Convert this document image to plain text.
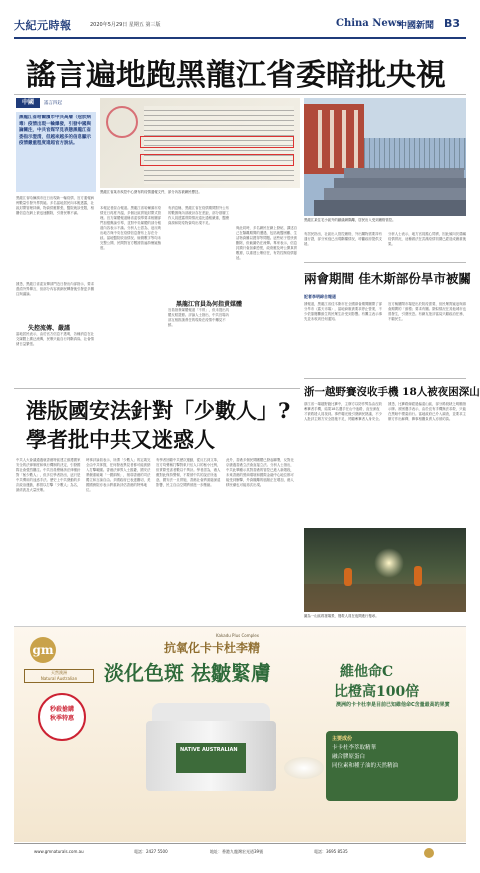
大紀元時報	2020年5月29日 星期五 第三版	China News
中國新聞 B3
謠言遍地跑黑龍江省委暗批央視
中國	謠言四起
黑龍江省哈爾濱市中共高層（冠狀病毒）疫情出現一輪爆發，引發中國與論關注，中共官媒罕見表態黑龍江省委指示澄清，但越來越多的信息顯示疫情嚴重程度遠超官方說法。
黑龍江省哈爾濱市近日出現新一輪疫情，官方通報病例數量引發外界質疑。多名當地居民向本報透露，社區封閉管理持續，物資供應緊張，醫院就診受限，相關信息在網上被迅速刪除，引發民眾不滿。
黑龍江省某市疾控中心發布的疫情通報文件，部分內容被網民標註。
黑龍江某住宅小區外的鐵絲網隔離，居民出入受到嚴格管控。
失控流傳、嚴謹
據悉，黑龍江省委宣傳部門近日發出內部指示，要求澄清外界傳言，但部分內容被網民轉發後引發更多關注與議論。
當地居民表示，由於官方信息不透明，各種消息在社交媒體上廣泛流傳，民眾只能自行判斷真偽，社會情緒日益緊張。
本報記者綜合報道。黑龍江省哈爾濱市疫情近日再度升溫，多個社區實施封閉式管理。官方媒體報道稱省委領導要求相關部門加強輿論引導，並對中央媒體的部分報道內容表示不滿。分析人士認為，這反映出地方與中央在疫情信息發布上存在分歧。當地醫院收治情況、檢測數字等均未完整公開，民間對官方數據普遍持懷疑態度。
黑龍江官員為何指責媒體
有消息稱，黑龍江省在疫情期間對外公布的數據與內部統計存在差距，部分基層工作人員透露實際情況遠比通報嚴重，醫療資源和防疫物資均出現不足。
官員指責媒體報道「不實」，但未提出具體反駁證據。評論人士指出，中共官場內部互相推諉責任的現象在疫情中屢見不鮮。
與此同時，多名網民在網上發帖，講述自己在隔離期間的遭遇，包括就醫困難、生活物資難以獲得等問題。這些帖子很快被刪除，但截圖仍在流傳。專家表示，信息封鎖只會加劇恐慌，政府應及時公開真實數據，以重建公眾信任，有效控制疫情蔓延。
有居民指出，社區出入管控嚴格，外出購物需要持有通行證，部分家庭已出現斷糧情況，呼籲政府提供支援。
分析人士表示，地方官員擔心問責，因此傾向於隱瞞疫情實況，這種做法在武漢疫情初期已經造成嚴重後果。
兩會期間 佳木斯部份旱市被關
記者李明綜合報道
據報道，黑龍江省佳木斯市在全國兩會期間關閉了部分旱市（露天市場），當地商販被要求停止營業，不少依靠擺攤維生的民眾生計受到影響。有攤主表示事先並未收到任何通知。
官方稱關閉市場是出於防疫需要，但民眾質疑這與兩會期間的「維穩」要求有關。類似情況在其他城市也曾發生，引發民怨。有網友批評當局只顧政治任務，不顧民生。
港版國安法針對「少數人」?
學者批中共又迷惑人
中共人大會議通過就香港特區建立維護國家安全的法律制度和執行機制的決定，引發國際社會強烈關注。中共官員聲稱該法律僅針對「極少數人」，但多位學者指出，這只是中共慣用的迷惑手法。歷史上中共發動的多次政治運動，都曾以打擊「少數人」為名，最終波及大量民眾。
時事評論員表示，所謂「少數人」的定義完全由中共掌握，任何發表異見者都可能被納入打擊範圍。香港法律界人士擔憂，國安法將嚴重破壞「一國兩制」，削弱香港的司法獨立和言論自由。多國政府已表達關切，美國國務院亦表示將重新評估香港的特殊地位。
有學者回顧中共歷次運動，從反右到文革，官方均聲稱打擊對象只佔人口的極小比例，但實際受害者數以千萬計。學者認為，港人應對此保持警惕，不要被中共的說法所迷惑，國安法一旦實施，香港社會將面臨深遠影響，民主自由空間將被進一步壓縮。
此外，香港多個民間團體已發起聯署，反對北京繞過香港立法會直接立法。分析人士指出，中共此舉顯示其對香港的管控已進入新階段，未來香港的營商環境和國際金融中心地位都可能受到衝擊，外資撤離的風險正在增加，港人移民潮也可能再次出現。
浙一越野賽沒收手機 18人被夜困深山
浙江省一場越野跑比賽中，主辦方以防作弊為由沒收參賽者手機，結果18名選手在山中迷路，直至深夜才被救援人員找到。事件曝光後引發網民熱議，不少人批評主辦方安全措施不足，罔顧參賽者人身安全。
據悉，比賽路線經過偏遠山區，部分路段缺乏明顯指示牌。被困選手表示，由於沒有手機無法求救，只能在黑暗中摸索前行。當地政府已介入調查，並要求主辦方作出解釋，賽事相關負責人亦被約談。
圖為一山區救援場景，搜救人員在夜間進行搜尋。
gm
天然澳洲
Natural Australian
秒殺搶購 秋季特惠
Kakadu Plus Complex
抗氧化卡卡杜李精
淡化色斑 祛皺緊膚
NATIVE AUSTRALIAN
維他命C
比橙高100倍
澳洲的卡卡杜李是目前已知維他命C含量最高的果實
主要成份
卡卡杜李萃取精華
融合膠原蛋白
同位素和種子油的天然精油
www.gmnaturals.com.au	電話：2427 5500	地址：香港九龍灣宏光道39號	電話：3695 8535
